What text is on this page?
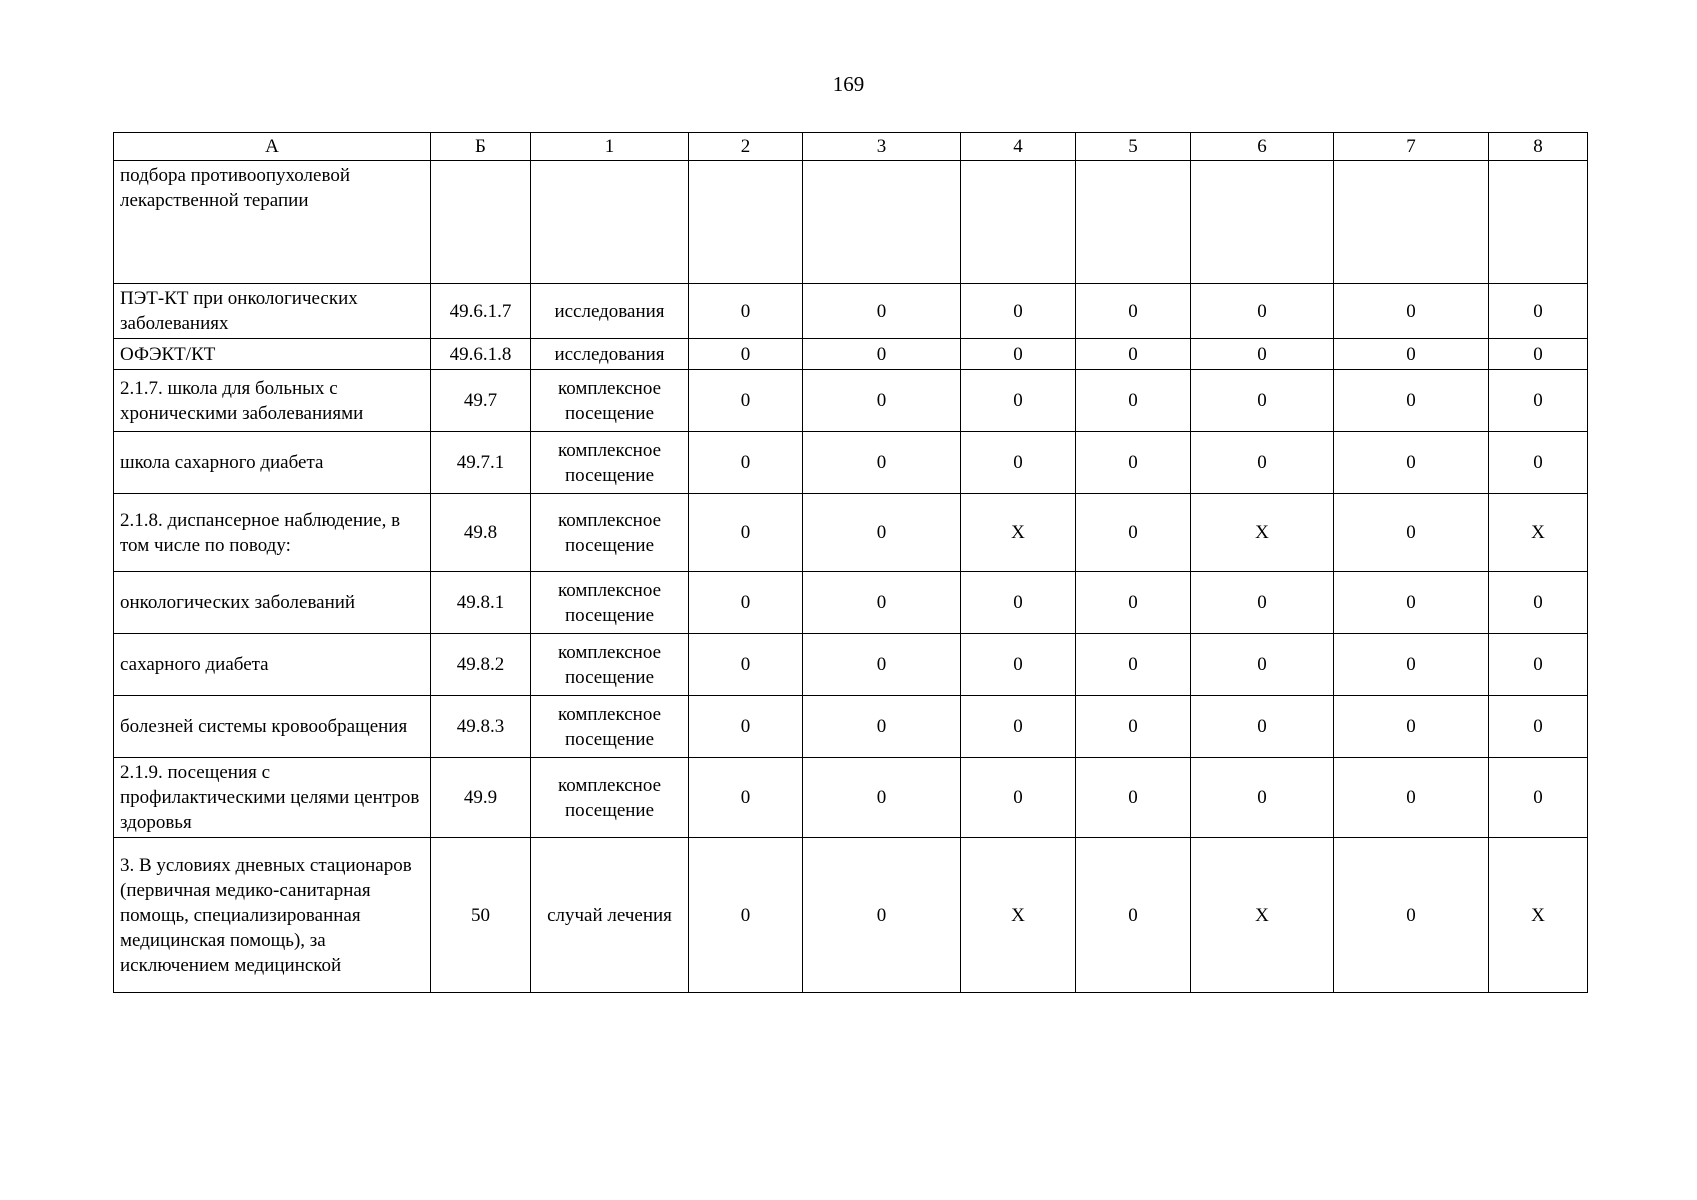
169
А	Б	1	2	3	4	5	6	7	8
подбора противоопухолевой лекарственной терапии									
ПЭТ-КТ при онкологических заболеваниях	49.6.1.7	исследования	0	0	0	0	0	0	0
ОФЭКТ/КТ	49.6.1.8	исследования	0	0	0	0	0	0	0
2.1.7. школа для больных с хроническими заболеваниями	49.7	комплексное посещение	0	0	0	0	0	0	0
школа сахарного диабета	49.7.1	комплексное посещение	0	0	0	0	0	0	0
2.1.8. диспансерное наблюдение, в том числе по поводу:	49.8	комплексное посещение	0	0	X	0	X	0	X
онкологических заболеваний	49.8.1	комплексное посещение	0	0	0	0	0	0	0
сахарного диабета	49.8.2	комплексное посещение	0	0	0	0	0	0	0
болезней системы кровообращения	49.8.3	комплексное посещение	0	0	0	0	0	0	0
2.1.9. посещения с профилактическими целями центров здоровья	49.9	комплексное посещение	0	0	0	0	0	0	0
3. В условиях дневных стационаров (первичная медико-санитарная помощь, специализированная медицинская помощь), за исключением медицинской	50	случай лечения	0	0	X	0	X	0	X
